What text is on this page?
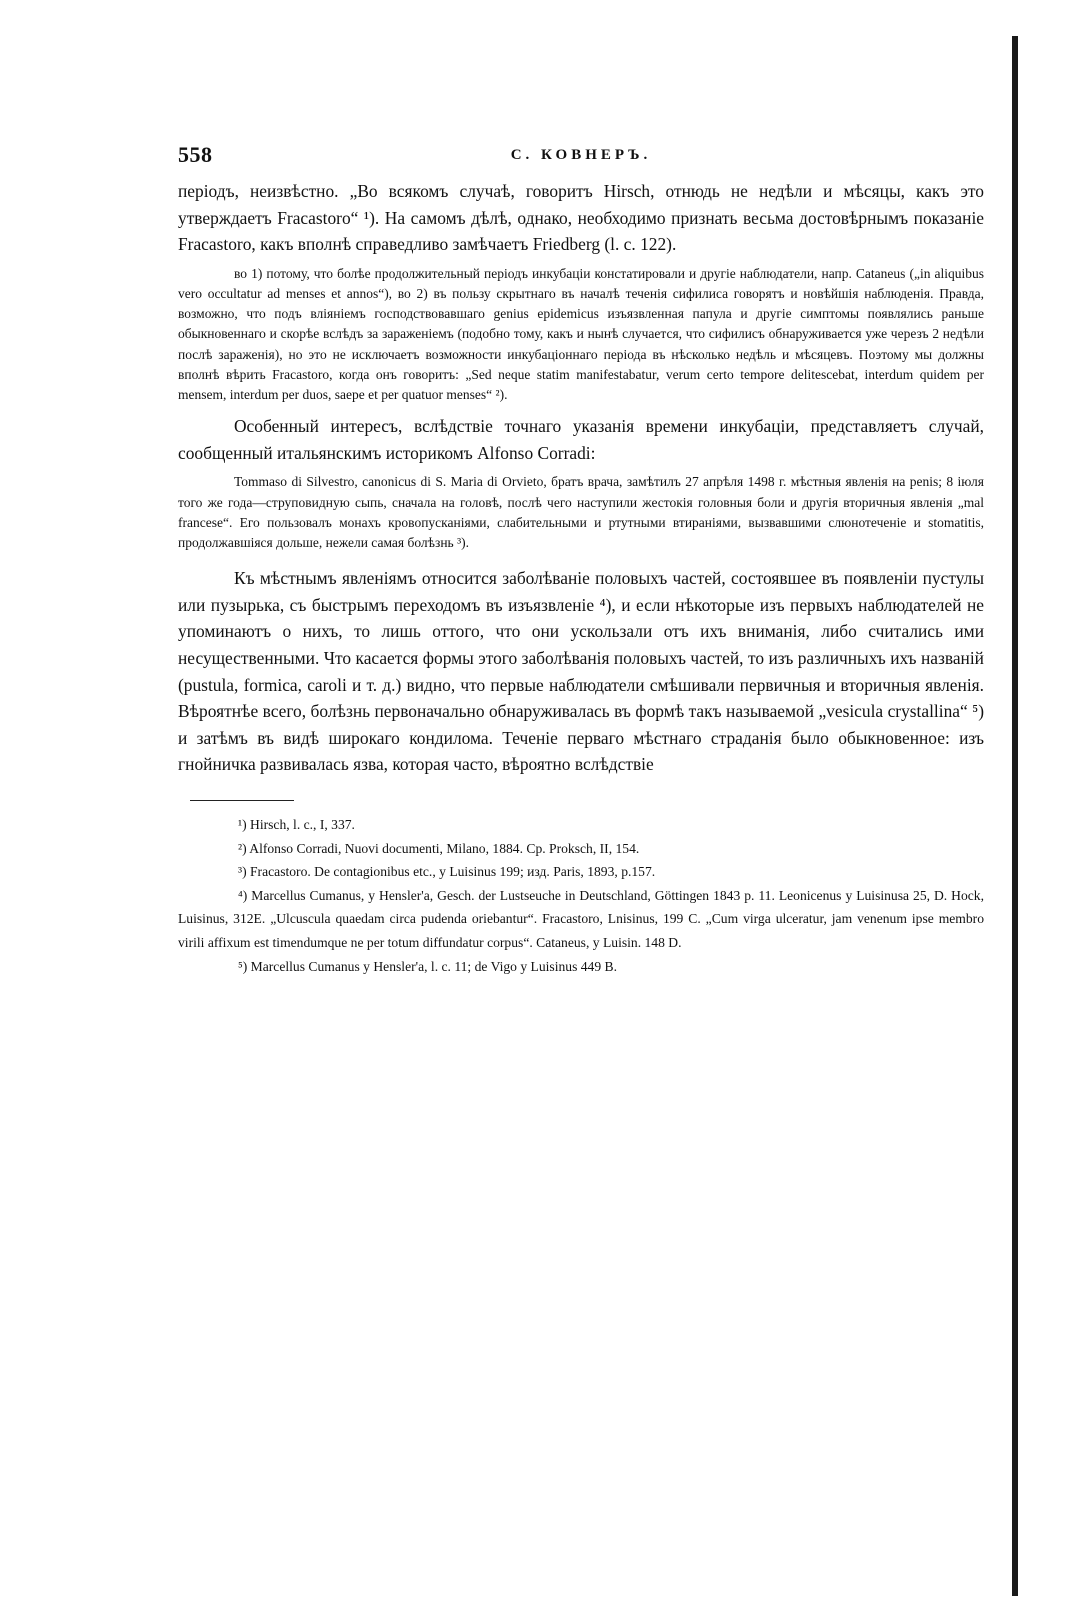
558	С. КОВНЕРЪ.

періодъ, неизвѣстно. „Во всякомъ случаѣ, говоритъ Hirsch, отнюдь не недѣли и мѣсяцы, какъ это утверждаетъ Fracastoro“ ¹). На самомъ дѣлѣ, однако, необходимо признать весьма достовѣрнымъ показаніе Fracastoro, какъ вполнѣ справедливо замѣчаетъ Friedberg (l. c. 122).

во 1) потому, что болѣе продолжительный періодъ инкубаціи констатировали и другіе наблюдатели, напр. Cataneus („in aliquibus vero occultatur ad menses et annos“), во 2) въ пользу скрытнаго въ началѣ теченія сифилиса говорятъ и новѣйшія наблюденія. Правда, возможно, что подъ вліяніемъ господствовавшаго genius epidemicus изъязвленная папула и другіе симптомы появлялись раньше обыкновеннаго и скорѣе вслѣдъ за зараженіемъ (подобно тому, какъ и нынѣ случается, что сифилисъ обнаруживается уже черезъ 2 недѣли послѣ зараженія), но это не исключаетъ возможности инкубаціоннаго періода въ нѣсколько недѣль и мѣсяцевъ. Поэтому мы должны вполнѣ вѣрить Fracastoro, когда онъ говоритъ: „Sed neque statim manifestabatur, verum certo tempore delitescebat, interdum quidem per mensem, interdum per duos, saepe et per quatuor menses“ ²).

Особенный интересъ, вслѣдствіе точнаго указанія времени инкубаціи, представляетъ случай, сообщенный итальянскимъ историкомъ Alfonso Corradi:

Tommaso di Silvestro, canonicus di S. Maria di Orvieto, братъ врача, замѣтилъ 27 апрѣля 1498 г. мѣстныя явленія на penis; 8 іюля того же года—струповидную сыпь, сначала на головѣ, послѣ чего наступили жестокія головныя боли и другія вторичныя явленія „mal francese“. Его пользовалъ монахъ кровопусканіями, слабительными и ртутными втираніями, вызвавшими слюнотеченіе и stomatitis, продолжавшіяся дольше, нежели самая болѣзнь ³).

Къ мѣстнымъ явленіямъ относится заболѣваніе половыхъ частей, состоявшее въ появленіи пустулы или пузырька, съ быстрымъ переходомъ въ изъязвленіе ⁴), и если нѣкоторые изъ первыхъ наблюдателей не упоминаютъ о нихъ, то лишь оттого, что они ускользали отъ ихъ вниманія, либо считались ими несущественными. Что касается формы этого заболѣванія половыхъ частей, то изъ различныхъ ихъ названій (pustula, formica, caroli и т. д.) видно, что первые наблюдатели смѣшивали первичныя и вторичныя явленія. Вѣроятнѣе всего, болѣзнь первоначально обнаруживалась въ формѣ такъ называемой „vesicula crystallina“ ⁵) и затѣмъ въ видѣ широкаго кондилома. Теченіе перваго мѣстнаго страданія было обыкновенное: изъ гнойничка развивалась язва, которая часто, вѣроятно вслѣдствіе

¹) Hirsch, l. c., I, 337.

²) Alfonso Corradi, Nuovi documenti, Milano, 1884. Cp. Proksch, II, 154.

³) Fracastoro. De contagionibus etc., у Luisinus 199; изд. Paris, 1893, p.157.

⁴) Marcellus Cumanus, у Hensler'а, Gesch. der Lustseuche in Deutschland, Göttingen 1843 p. 11. Leonicenus у Luisinusa 25, D. Hock, Luisinus, 312E. „Ulcuscula quaedam circa pudenda oriebantur“. Fracastoro, Lnisinus, 199 C. „Cum virga ulceratur, jam venenum ipse membro virili affixum est timendumque ne per totum diffundatur corpus“. Cataneus, у Luisin. 148 D.

⁵) Marcellus Cumanus у Hensler'а, l. c. 11; de Vigo у Luisinus 449 B.
